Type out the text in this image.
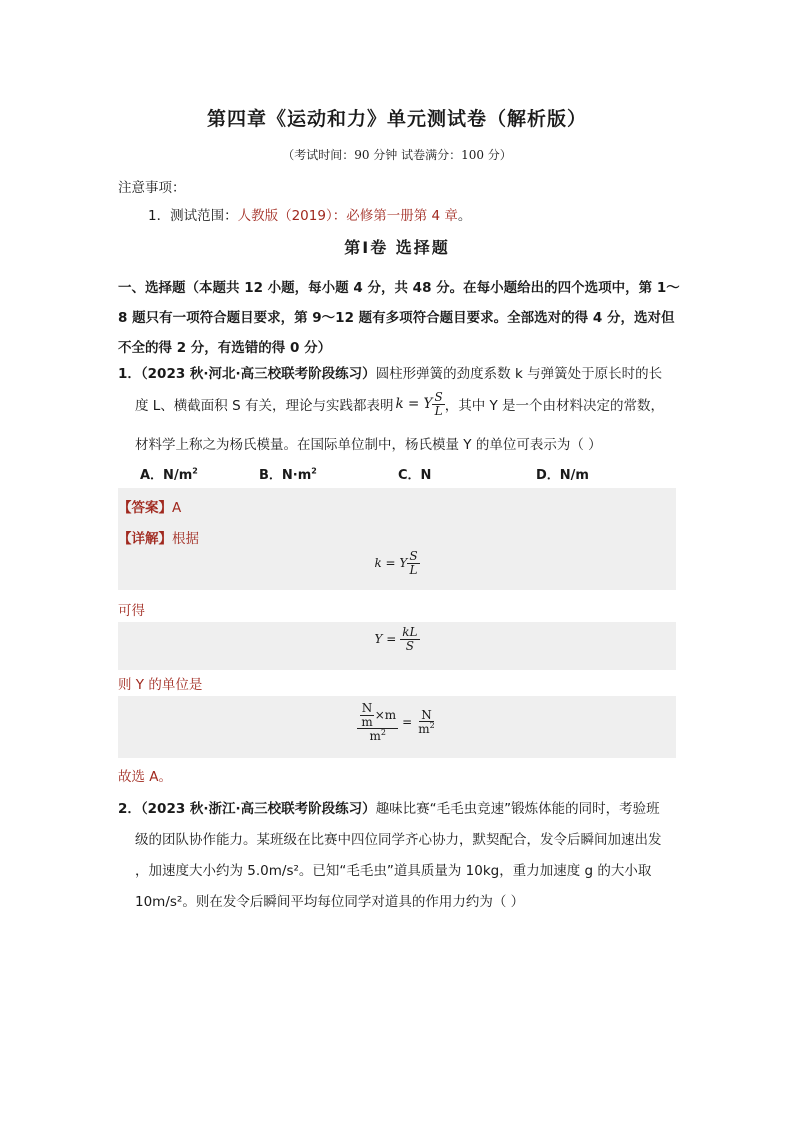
第四章《运动和力》单元测试卷（解析版）
（考试时间：90 分钟 试卷满分：100 分）
注意事项：
1．测试范围：人教版（2019）：必修第一册第 4 章。
第Ⅰ卷 选择题
一、选择题（本题共 12 小题，每小题 4 分，共 48 分。在每小题给出的四个选项中，第 1～
8 题只有一项符合题目要求，第 9～12 题有多项符合题目要求。全部选对的得 4 分，选对但
不全的得 2 分，有选错的得 0 分）
1．（2023 秋·河北·高三校联考阶段练习）圆柱形弹簧的劲度系数 k 与弹簧处于原长时的长
度 L、横截面积 S 有关，理论与实践都表明 k = Y $\frac{S}{L}$ ，其中 Y 是一个由材料决定的常数，
材料学上称之为杨氏模量。在国际单位制中，杨氏模量 Y 的单位可表示为（ ）
A．$N/m^2$	B．$N\cdot m^2$	C．N	D．N/m
【答案】A
【详解】根据
k = Y $\frac{S}{L}$
可得
$Y = \frac{kL}{S}$
则 Y 的单位是
$\frac{\frac{N}{m} \times m}{m^2} = \frac{N}{m^2}$
故选 A。
2．（2023 秋·浙江·高三校联考阶段练习）趣味比赛“毛毛虫竞速”锻炼体能的同时，考验班
级的团队协作能力。某班级在比赛中四位同学齐心协力，默契配合，发令后瞬间加速出发
，加速度大小约为 5.0m/s²。已知“毛毛虫”道具质量为 10kg，重力加速度 g 的大小取
10m/s²。则在发令后瞬间平均每位同学对道具的作用力约为（ ）
